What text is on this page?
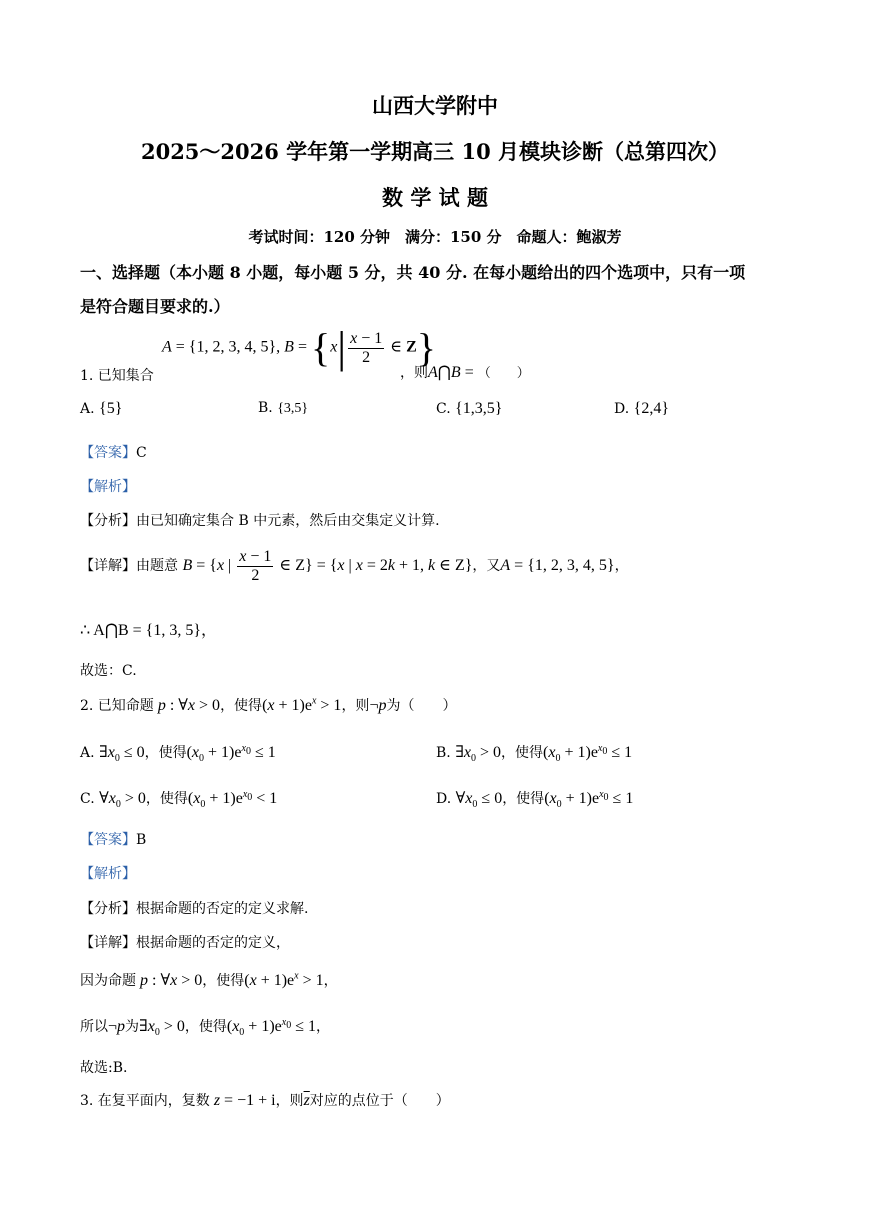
山西大学附中
2025～2026 学年第一学期高三 10 月模块诊断（总第四次）
数 学 试 题
考试时间：120 分钟　满分：150 分　命题人：鲍淑芳
一、选择题（本小题 8 小题，每小题 5 分，共 40 分. 在每小题给出的四个选项中，只有一项
是符合题目要求的.）
A = {1, 2, 3, 4, 5}, $B = \{x| \frac{x - 1}{2}$ ∈ Z}
1. 已知集合	，则A⋂B = （　　）
A. {5}	B. {3,5}	C. {1,3,5}	D. {2,4}
【答案】C
【解析】
【分析】由已知确定集合 B 中元素，然后由交集定义计算.
【详解】由题意 B = {x | $\frac{x - 1}{2}$ ∈ Z} = {x | x = 2k + 1, k ∈ Z}，又A = {1, 2, 3, 4, 5}，
∴ A⋂B = {1, 3, 5}，
故选：C.
2. 已知命题 p : ∀x > 0，使得$(x + 1)e^x > 1$，则¬p为（　　）
A. $\exists x_0 \le 0$，使得$(x_0 + 1)e^{x_0} \le 1$	B. $\exists x_0 > 0$，使得$(x_0 + 1)e^{x_0} \le 1$
C. $\forall x_0 > 0$，使得$(x_0 + 1)e^{x_0} < 1$	D. $\forall x_0 \le 0$，使得$(x_0 + 1)e^{x_0} \le 1$
【答案】B
【解析】
【分析】根据命题的否定的定义求解.
【详解】根据命题的否定的定义，
因为命题 p : ∀x > 0，使得$(x + 1)e^x > 1$，
所以¬p为$\exists x_0 > 0$，使得$(x_0 + 1)e^{x_0} \le 1$，
故选:B.
3. 在复平面内，复数 z = −1 + i，则$\overline{z}$对应的点位于（　　）
